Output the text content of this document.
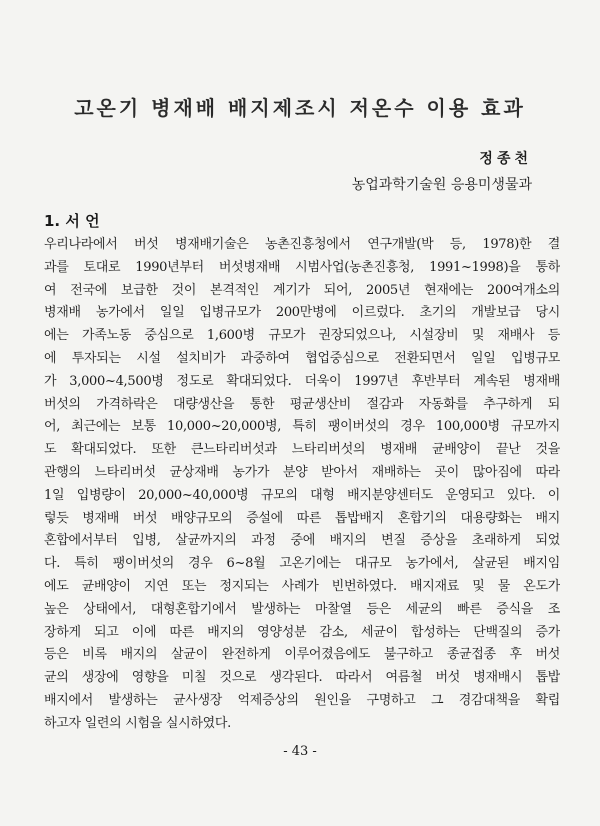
고온기 병재배 배지제조시 저온수 이용 효과
정종천
농업과학기술원 응용미생물과
1. 서 언
우리나라에서 버섯 병재배기술은 농촌진흥청에서 연구개발(박 등, 1978)한 결
과를 토대로 1990년부터 버섯병재배 시범사업(농촌진흥청, 1991~1998)을 통하
여 전국에 보급한 것이 본격적인 계기가 되어, 2005년 현재에는 200여개소의
병재배 농가에서 일일 입병규모가 200만병에 이르렀다. 초기의 개발보급 당시
에는 가족노동 중심으로 1,600병 규모가 권장되었으나, 시설장비 및 재배사 등
에 투자되는 시설 설치비가 과중하여 협업중심으로 전환되면서 일일 입병규모
가 3,000~4,500병 정도로 확대되었다. 더욱이 1997년 후반부터 계속된 병재배
버섯의 가격하락은 대량생산을 통한 평균생산비 절감과 자동화를 추구하게 되
어, 최근에는 보통 10,000~20,000병, 특히 팽이버섯의 경우 100,000병 규모까지
도 확대되었다. 또한 큰느타리버섯과 느타리버섯의 병재배 균배양이 끝난 것을
관행의 느타리버섯 균상재배 농가가 분양 받아서 재배하는 곳이 많아짐에 따라
1일 입병량이 20,000~40,000병 규모의 대형 배지분양센터도 운영되고 있다. 이
렇듯 병재배 버섯 배양규모의 증설에 따른 톱밥배지 혼합기의 대용량화는 배지
혼합에서부터 입병, 살균까지의 과정 중에 배지의 변질 증상을 초래하게 되었
다. 특히 팽이버섯의 경우 6~8월 고온기에는 대규모 농가에서, 살균된 배지임
에도 균배양이 지연 또는 정지되는 사례가 빈번하였다. 배지재료 및 물 온도가
높은 상태에서, 대형혼합기에서 발생하는 마찰열 등은 세균의 빠른 증식을 조
장하게 되고 이에 따른 배지의 영양성분 감소, 세균이 합성하는 단백질의 증가
등은 비록 배지의 살균이 완전하게 이루어졌음에도 불구하고 종균접종 후 버섯
균의 생장에 영향을 미칠 것으로 생각된다. 따라서 여름철 버섯 병재배시 톱밥
배지에서 발생하는 균사생장 억제증상의 원인을 구명하고 그 경감대책을 확립
하고자 일련의 시험을 실시하였다.
- 43 -
